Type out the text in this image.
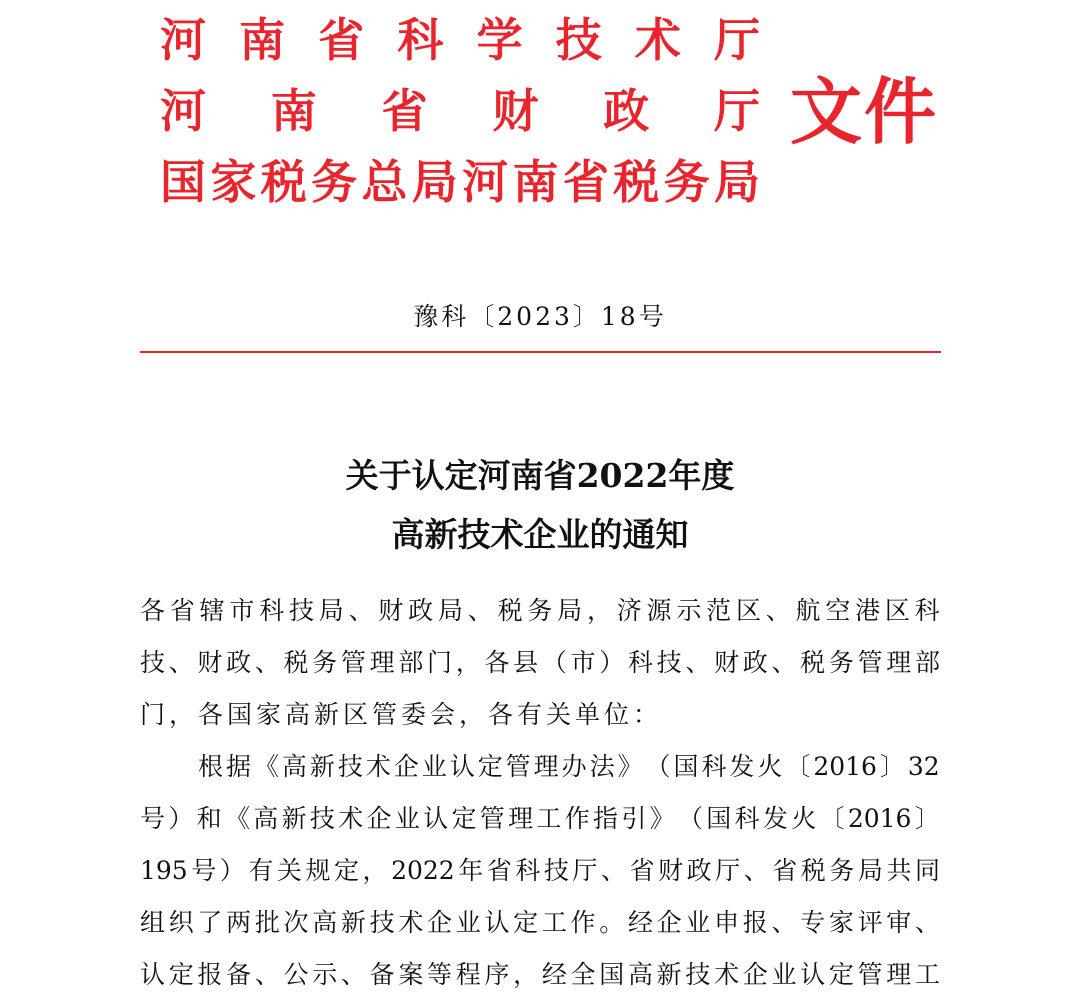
河 南 省 科 学 技 术 厅
河 南 省 财 政 厅
国 家 税 务 总 局 河 南 省 税 务 局
文件
豫科〔2023〕18号
关于认定河南省2022年度
高新技术企业的通知
各 省 辖 市 科 技 局 、 财 政 局 、 税 务 局 ， 济 源 示 范 区 、 航 空 港 区 科
技 、 财 政 、 税 务 管 理 部 门 ， 各 县 （ 市 ） 科 技 、 财 政 、 税 务 管 理 部
门，各国家高新区管委会，各有关单位：
根 据 《 高 新 技 术 企 业 认 定 管 理 办 法 》 （ 国 科 发 火 〔 2016 〕 32
号 ） 和 《 高 新 技 术 企 业 认 定 管 理 工 作 指 引 》 （ 国 科 发 火 〔 2016 〕
195 号 ） 有 关 规 定 ， 2022 年 省 科 技 厅 、 省 财 政 厅 、 省 税 务 局 共 同
组 织 了 两 批 次 高 新 技 术 企 业 认 定 工 作 。 经 企 业 申 报 、 专 家 评 审 、
认 定 报 备 、 公 示 、 备 案 等 程 序 ， 经 全 国 高 新 技 术 企 业 认 定 管 理 工
